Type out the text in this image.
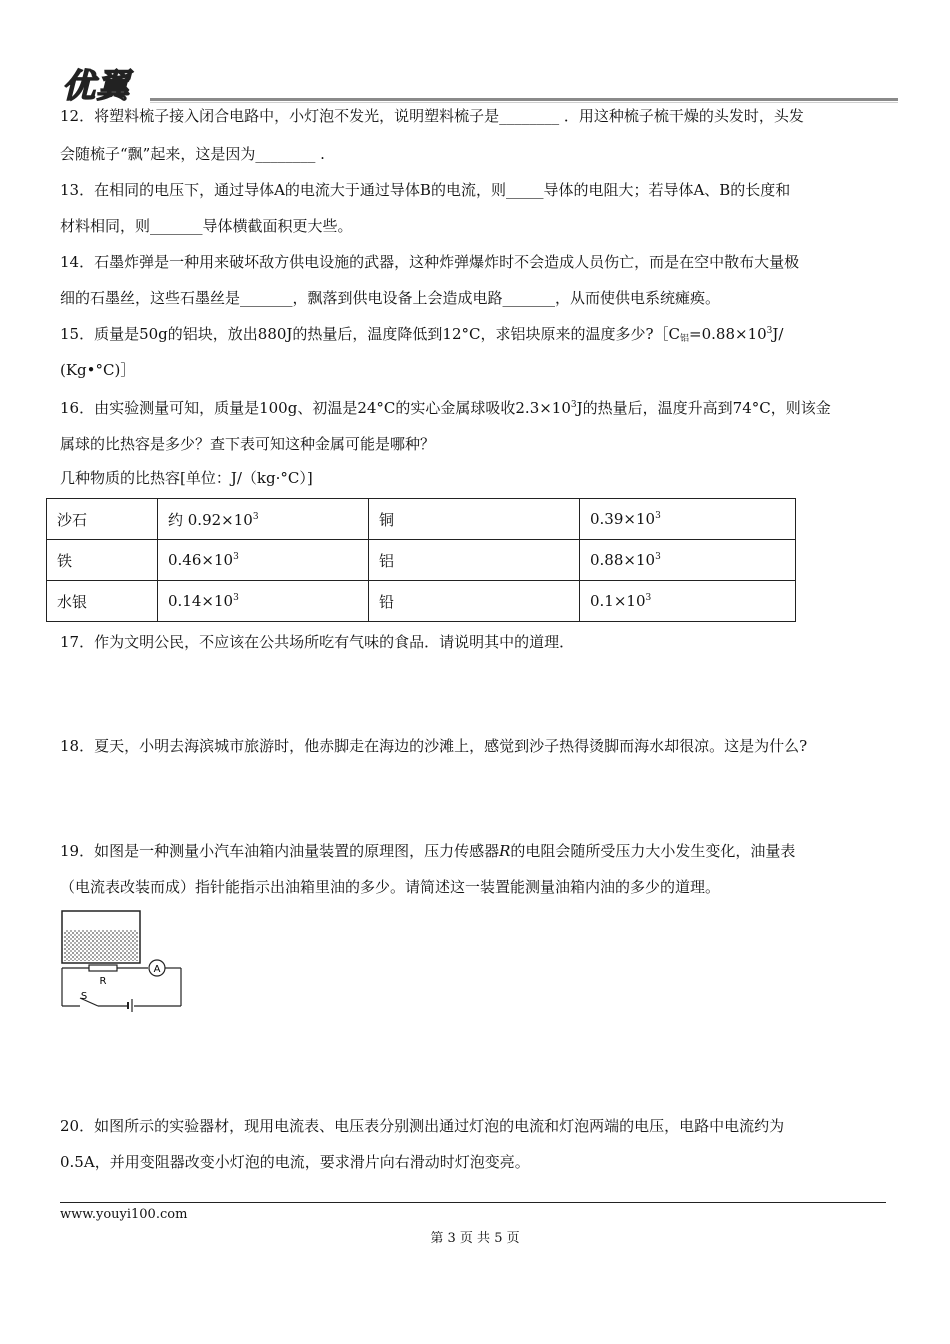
优翼
12．将塑料梳子接入闭合电路中，小灯泡不发光，说明塑料梳子是________ ．用这种梳子梳干燥的头发时，头发
会随梳子“飘”起来，这是因为________ .
13．在相同的电压下，通过导体A的电流大于通过导体B的电流，则_____导体的电阻大；若导体A、B的长度和
材料相同，则_______导体横截面积更大些。
14．石墨炸弹是一种用来破坏敌方供电设施的武器，这种炸弹爆炸时不会造成人员伤亡，而是在空中散布大量极
细的石墨丝，这些石墨丝是_______，飘落到供电设备上会造成电路_______，从而使供电系统瘫痪。
15．质量是50g的铝块，放出880J的热量后，温度降低到12°C，求铝块原来的温度多少$?[C_铝=0.88\times 10^3J/$
(Kg•°C)］
16．由实验测量可知，质量是100g、初温是24°C的实心金属球吸收$2.3\times 10^3J$的热量后，温度升高到74°C，则该金
属球的比热容是多少？查下表可知这种金属可能是哪种？
几种物质的比热容[单位：J/（kg·°C）]
沙石	约 $0.92\times 10^3$	铜	$0.39\times 10^3$
铁	$0.46\times 10^3$	铝	$0.88\times 10^3$
水银	$0.14\times 10^3$	铅	$0.1\times 10^3$
17．作为文明公民，不应该在公共场所吃有气味的食品．请说明其中的道理．
18．夏天，小明去海滨城市旅游时，他赤脚走在海边的沙滩上，感觉到沙子热得烫脚而海水却很凉。这是为什么?
19．如图是一种测量小汽车油箱内油量装置的原理图，压力传感器R的电阻会随所受压力大小发生变化，油量表
（电流表改装而成）指针能指示出油箱里油的多少。请简述这一装置能测量油箱内油的多少的道理。
A
R
S
20．如图所示的实验器材，现用电流表、电压表分别测出通过灯泡的电流和灯泡两端的电压，电路中电流约为
0.5A，并用变阻器改变小灯泡的电流，要求滑片向右滑动时灯泡变亮。
www.youyi100.com
第 3 页 共 5 页
